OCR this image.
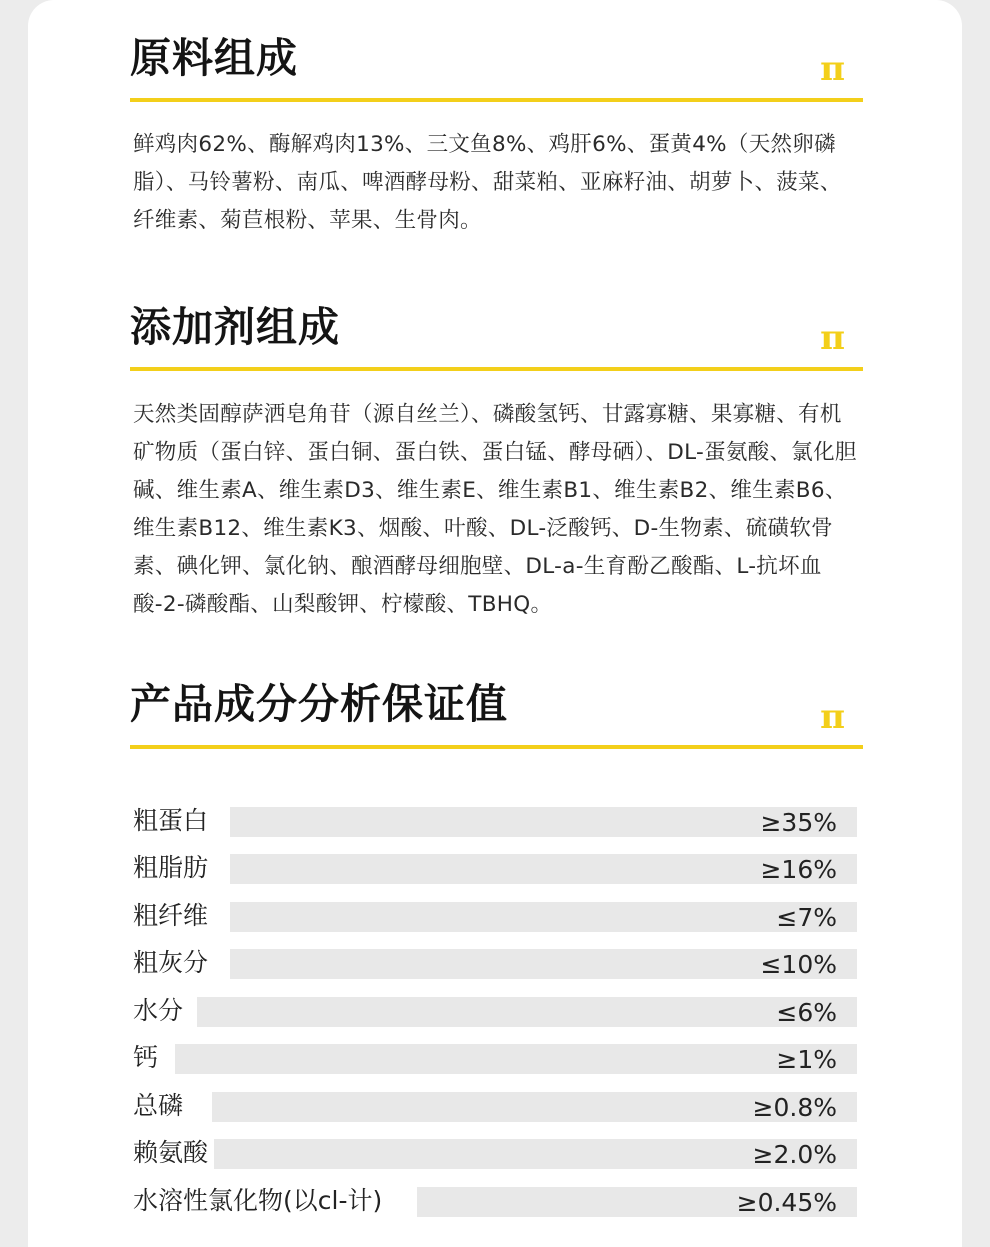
原料组成	π
鲜鸡肉62%、酶解鸡肉13%、三文鱼8%、鸡肝6%、蛋黄4%（天然卵磷脂）、马铃薯粉、南瓜、啤酒酵母粉、甜菜粕、亚麻籽油、胡萝卜、菠菜、纤维素、菊苣根粉、苹果、生骨肉。
添加剂组成	π
天然类固醇萨洒皂角苷（源自丝兰）、磷酸氢钙、甘露寡糖、果寡糖、有机矿物质（蛋白锌、蛋白铜、蛋白铁、蛋白锰、酵母硒）、DL-蛋氨酸、氯化胆碱、维生素A、维生素D3、维生素E、维生素B1、维生素B2、维生素B6、维生素B12、维生素K3、烟酸、叶酸、DL-泛酸钙、D-生物素、硫磺软骨素、碘化钾、氯化钠、酿酒酵母细胞壁、DL-a-生育酚乙酸酯、L-抗坏血酸-2-磷酸酯、山梨酸钾、柠檬酸、TBHQ。
产品成分分析保证值	π
粗蛋白	≥35%
粗脂肪	≥16%
粗纤维	≤7%
粗灰分	≤10%
水分	≤6%
钙	≥1%
总磷	≥0.8%
赖氨酸	≥2.0%
水溶性氯化物(以cl-计)	≥0.45%
